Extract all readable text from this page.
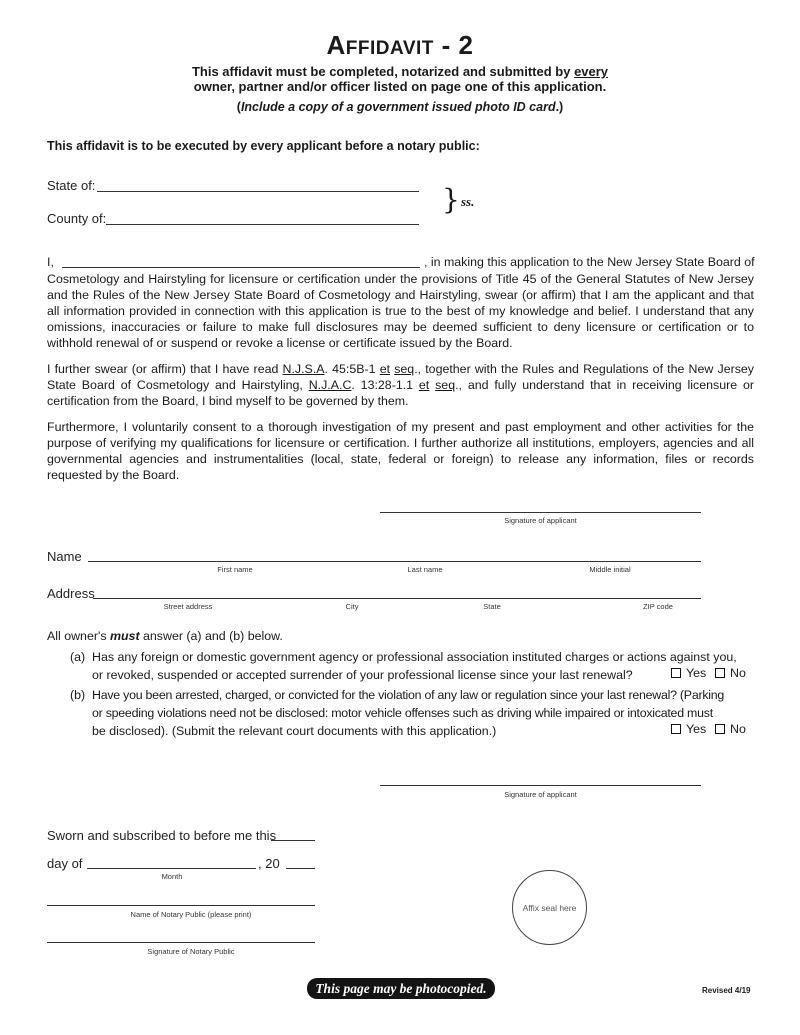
AFFIDAVIT - 2
This affidavit must be completed, notarized and submitted by every
owner, partner and/or officer listed on page one of this application.
(Include a copy of a government issued photo ID card.)
This affidavit is to be executed by every applicant before a notary public:
State of:
County of:
} ss.
I,	, in making this application to the New Jersey State Board of
Cosmetology and Hairstyling for licensure or certification under the provisions of Title 45 of the General Statutes of New Jersey and the Rules of the New Jersey State Board of Cosmetology and Hairstyling, swear (or affirm) that I am the applicant and that all information provided in connection with this application is true to the best of my knowledge and belief. I understand that any omissions, inaccuracies or failure to make full disclosures may be deemed sufficient to deny licensure or certification or to withhold renewal of or suspend or revoke a license or certificate issued by the Board.
I further swear (or affirm) that I have read N.J.S.A. 45:5B-1 et seq., together with the Rules and Regulations of the New Jersey State Board of Cosmetology and Hairstyling, N.J.A.C. 13:28-1.1 et seq., and fully understand that in receiving licensure or certification from the Board, I bind myself to be governed by them.
Furthermore, I voluntarily consent to a thorough investigation of my present and past employment and other activities for the purpose of verifying my qualifications for licensure or certification. I further authorize all institutions, employers, agencies and all governmental agencies and instrumentalities (local, state, federal or foreign) to release any information, files or records requested by the Board.
Signature of applicant
Name
First name	Last name	Middle initial
Address
Street address	City	State	ZIP code
All owner's must answer (a) and (b) below.
(a) Has any foreign or domestic government agency or professional association instituted charges or actions against you,
or revoked, suspended or accepted surrender of your professional license since your last renewal?	Yes	No
(b) Have you been arrested, charged, or convicted for the violation of any law or regulation since your last renewal? (Parking
or speeding violations need not be disclosed: motor vehicle offenses such as driving while impaired or intoxicated must
be disclosed). (Submit the relevant court documents with this application.)	Yes	No
Signature of applicant
Sworn and subscribed to before me this
day of	, 20
Month
Name of Notary Public (please print)
Signature of Notary Public
Affix seal here
This page may be photocopied.	Revised 4/19
